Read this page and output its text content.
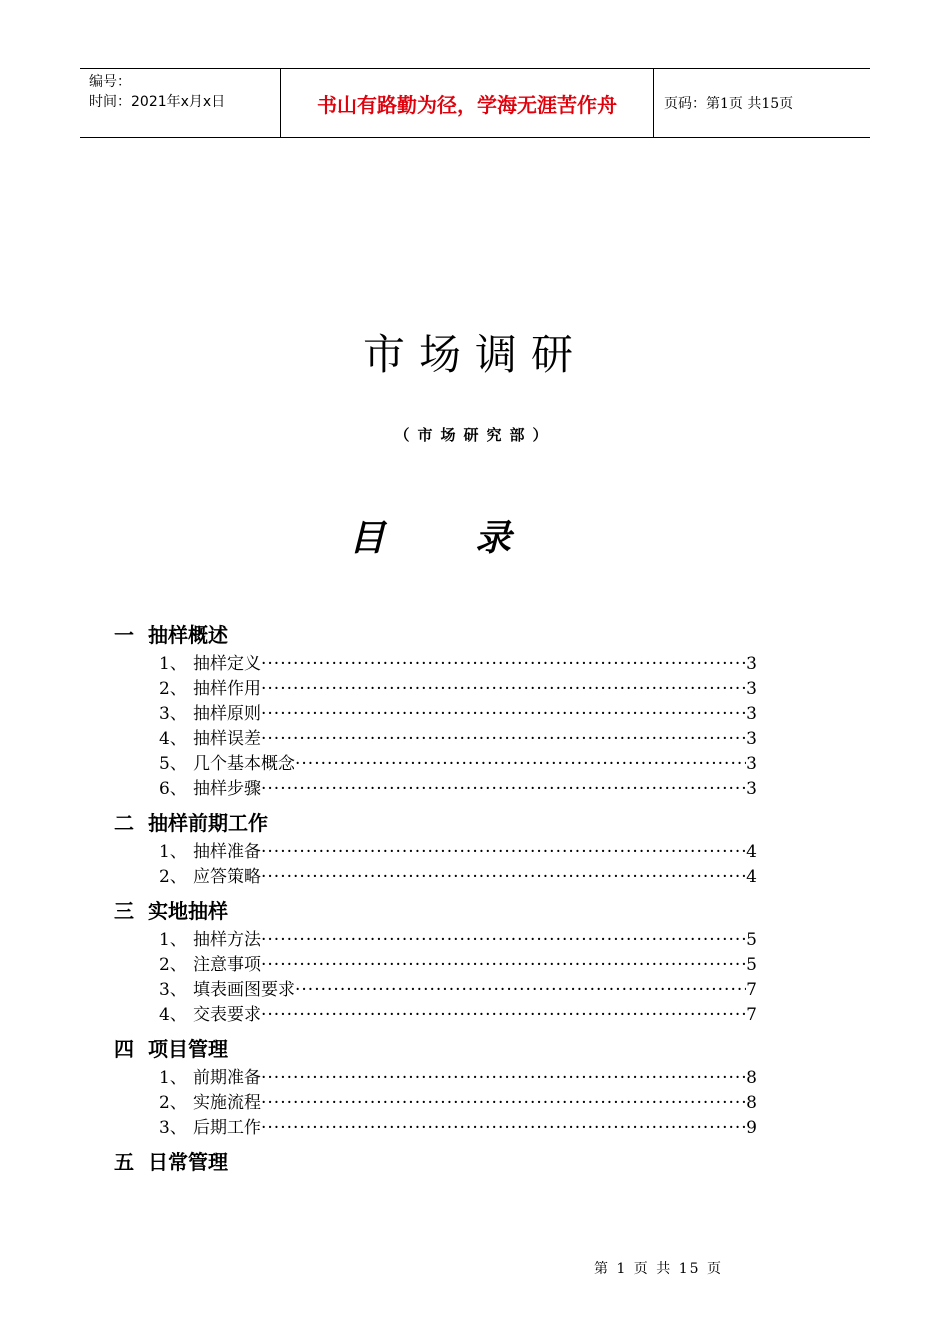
编号：
时间：2021年x月x日	书山有路勤为径，学海无涯苦作舟	页码：第1页 共15页
市场调研
（市场研究部）
目录
一 抽样概述
1、 抽样定义 ·····	3
2、 抽样作用 ·····	3
3、 抽样原则 ·····	3
4、 抽样误差 ·····	3
5、 几个基本概念 ·····	3
6、 抽样步骤 ·····	3
二 抽样前期工作
1、 抽样准备 ·····	4
2、 应答策略 ·····	4
三 实地抽样
1、 抽样方法 ·····	5
2、 注意事项 ·····	5
3、 填表画图要求 ·····	7
4、 交表要求 ·····	7
四 项目管理
1、 前期准备 ·····	8
2、 实施流程 ·····	8
3、 后期工作 ·····	9
五 日常管理
第 1 页 共 15 页
